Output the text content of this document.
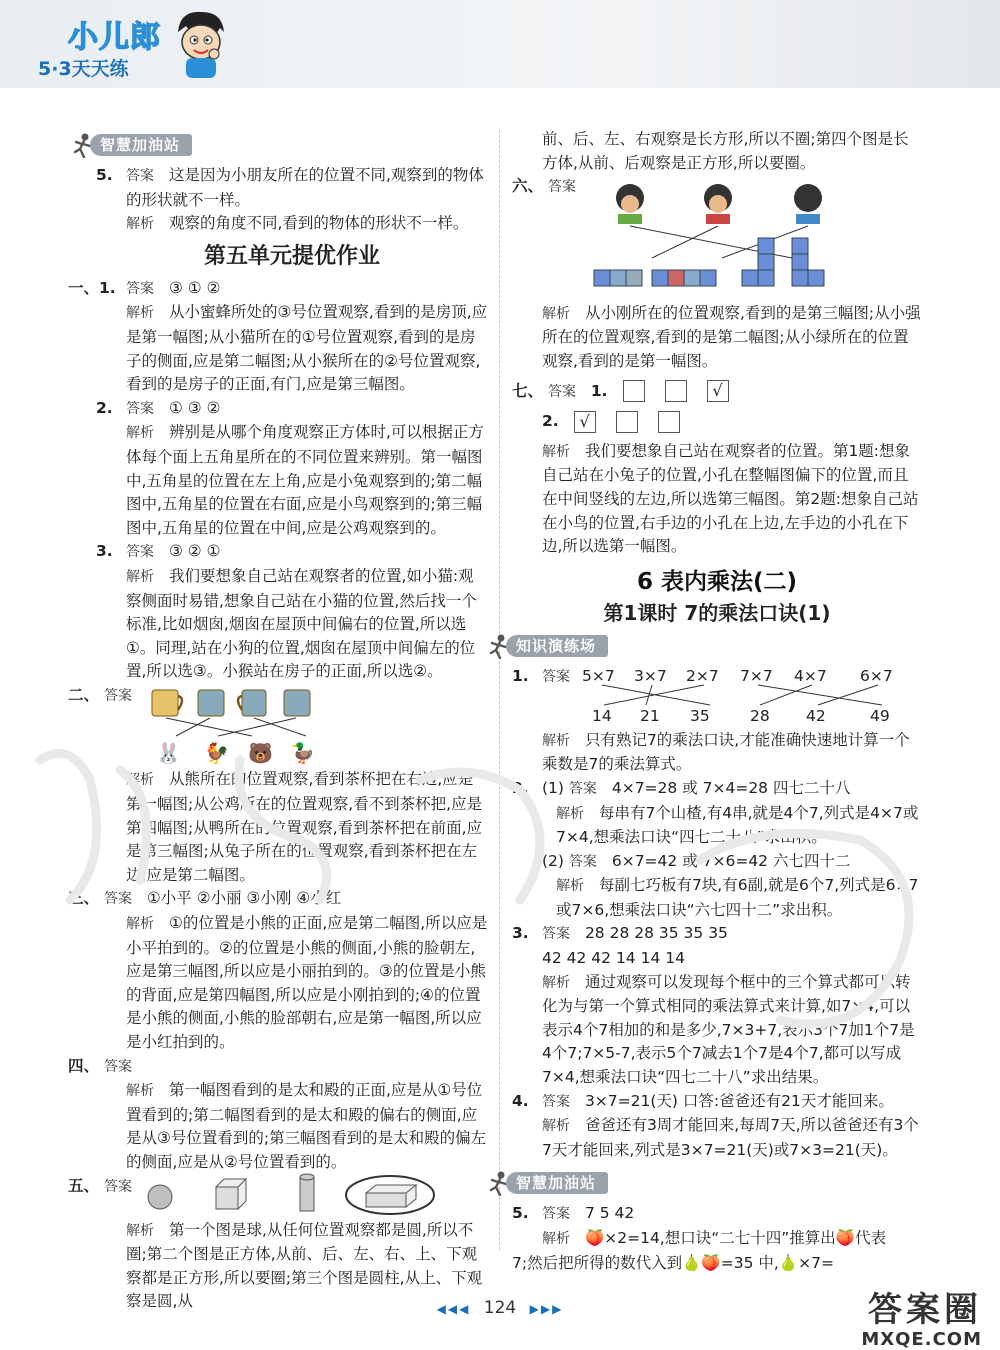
小儿郎
5·3天天练
智慧加油站
5. 答案 这是因为小朋友所在的位置不同,观察到的物体的形状就不一样。
解析 观察的角度不同,看到的物体的形状不一样。
第五单元提优作业
一、1. 答案 ③ ① ②
解析 从小蜜蜂所处的③号位置观察,看到的是房顶,应是第一幅图;从小猫所在的①号位置观察,看到的是房子的侧面,应是第二幅图;从小猴所在的②号位置观察,看到的是房子的正面,有门,应是第三幅图。
2. 答案 ① ③ ②
解析 辨别是从哪个角度观察正方体时,可以根据正方体每个面上五角星所在的不同位置来辨别。第一幅图中,五角星的位置在左上角,应是小兔观察到的;第二幅图中,五角星的位置在右面,应是小鸟观察到的;第三幅图中,五角星的位置在中间,应是公鸡观察到的。
3. 答案 ③ ② ①
解析 我们要想象自己站在观察者的位置,如小猫:观察侧面时易错,想象自己站在小猫的位置,然后找一个标准,比如烟囱,烟囱在屋顶中间偏右的位置,所以选①。同理,站在小狗的位置,烟囱在屋顶中间偏左的位置,所以选③。小猴站在房子的正面,所以选②。
二、 答案
🐰 🐓 🐻 🦆
解析 从熊所在的位置观察,看到茶杯把在右边,应是第一幅图;从公鸡所在的位置观察,看不到茶杯把,应是第四幅图;从鸭所在的位置观察,看到茶杯把在前面,应是第三幅图;从兔子所在的位置观察,看到茶杯把在左边,应是第二幅图。
三、 答案 ①小平 ②小丽 ③小刚 ④小红
解析 ①的位置是小熊的正面,应是第二幅图,所以应是小平拍到的。②的位置是小熊的侧面,小熊的脸朝左,应是第三幅图,所以应是小丽拍到的。③的位置是小熊的背面,应是第四幅图,所以应是小刚拍到的;④的位置是小熊的侧面,小熊的脸部朝右,应是第一幅图,所以应是小红拍到的。
四、 答案
解析 第一幅图看到的是太和殿的正面,应是从①号位置看到的;第二幅图看到的是太和殿的偏右的侧面,应是从③号位置看到的;第三幅图看到的是太和殿的偏左的侧面,应是从②号位置看到的。
五、 答案
解析 第一个图是球,从任何位置观察都是圆,所以不圈;第二个图是正方体,从前、后、左、右、上、下观察都是正方形,所以要圈;第三个图是圆柱,从上、下观察是圆,从
前、后、左、右观察是长方形,所以不圈;第四个图是长方体,从前、后观察是正方形,所以要圈。
六、 答案
解析 从小刚所在的位置观察,看到的是第三幅图;从小强所在的位置观察,看到的是第二幅图;从小绿所在的位置观察,看到的是第一幅图。
七、 答案 1.	√
2. √
解析 我们要想象自己站在观察者的位置。第1题:想象自己站在小兔子的位置,小孔在整幅图偏下的位置,而且在中间竖线的左边,所以选第三幅图。第2题:想象自己站在小鸟的位置,右手边的小孔在上边,左手边的小孔在下边,所以选第一幅图。
6 表内乘法(二)
第1课时 7的乘法口诀(1)
知识演练场
1. 答案 5×7 3×7 2×7 7×7 4×7 6×7
14 21 35	28 42	49
解析 只有熟记7的乘法口诀,才能准确快速地计算一个乘数是7的乘法算式。
2. (1) 答案 4×7=28 或 7×4=28 四七二十八
解析 每串有7个山楂,有4串,就是4个7,列式是4×7或7×4,想乘法口诀“四七二十八”求出积。
(2) 答案 6×7=42 或 7×6=42 六七四十二
解析 每副七巧板有7块,有6副,就是6个7,列式是6×7或7×6,想乘法口诀“六七四十二”求出积。
3. 答案 28 28 28 35 35 35
42 42 42 14 14 14
解析 通过观察可以发现每个框中的三个算式都可以转化为与第一个算式相同的乘法算式来计算,如7×4,可以表示4个7相加的和是多少,7×3+7,表示3个7加1个7是4个7;7×5-7,表示5个7减去1个7是4个7,都可以写成7×4,想乘法口诀“四七二十八”求出结果。
4. 答案 3×7=21(天) 口答:爸爸还有21天才能回来。
解析 爸爸还有3周才能回来,每周7天,所以爸爸还有3个7天才能回来,列式是3×7=21(天)或7×3=21(天)。
智慧加油站
5. 答案 7 5 42
解析 🍑×2=14,想口诀“二七十四”推算出🍑代表
7;然后把所得的数代入到🍐🍑=35 中,🍐×7=
◀◀◀ 124 ▶▶▶	答案圈
MXQE.COM
